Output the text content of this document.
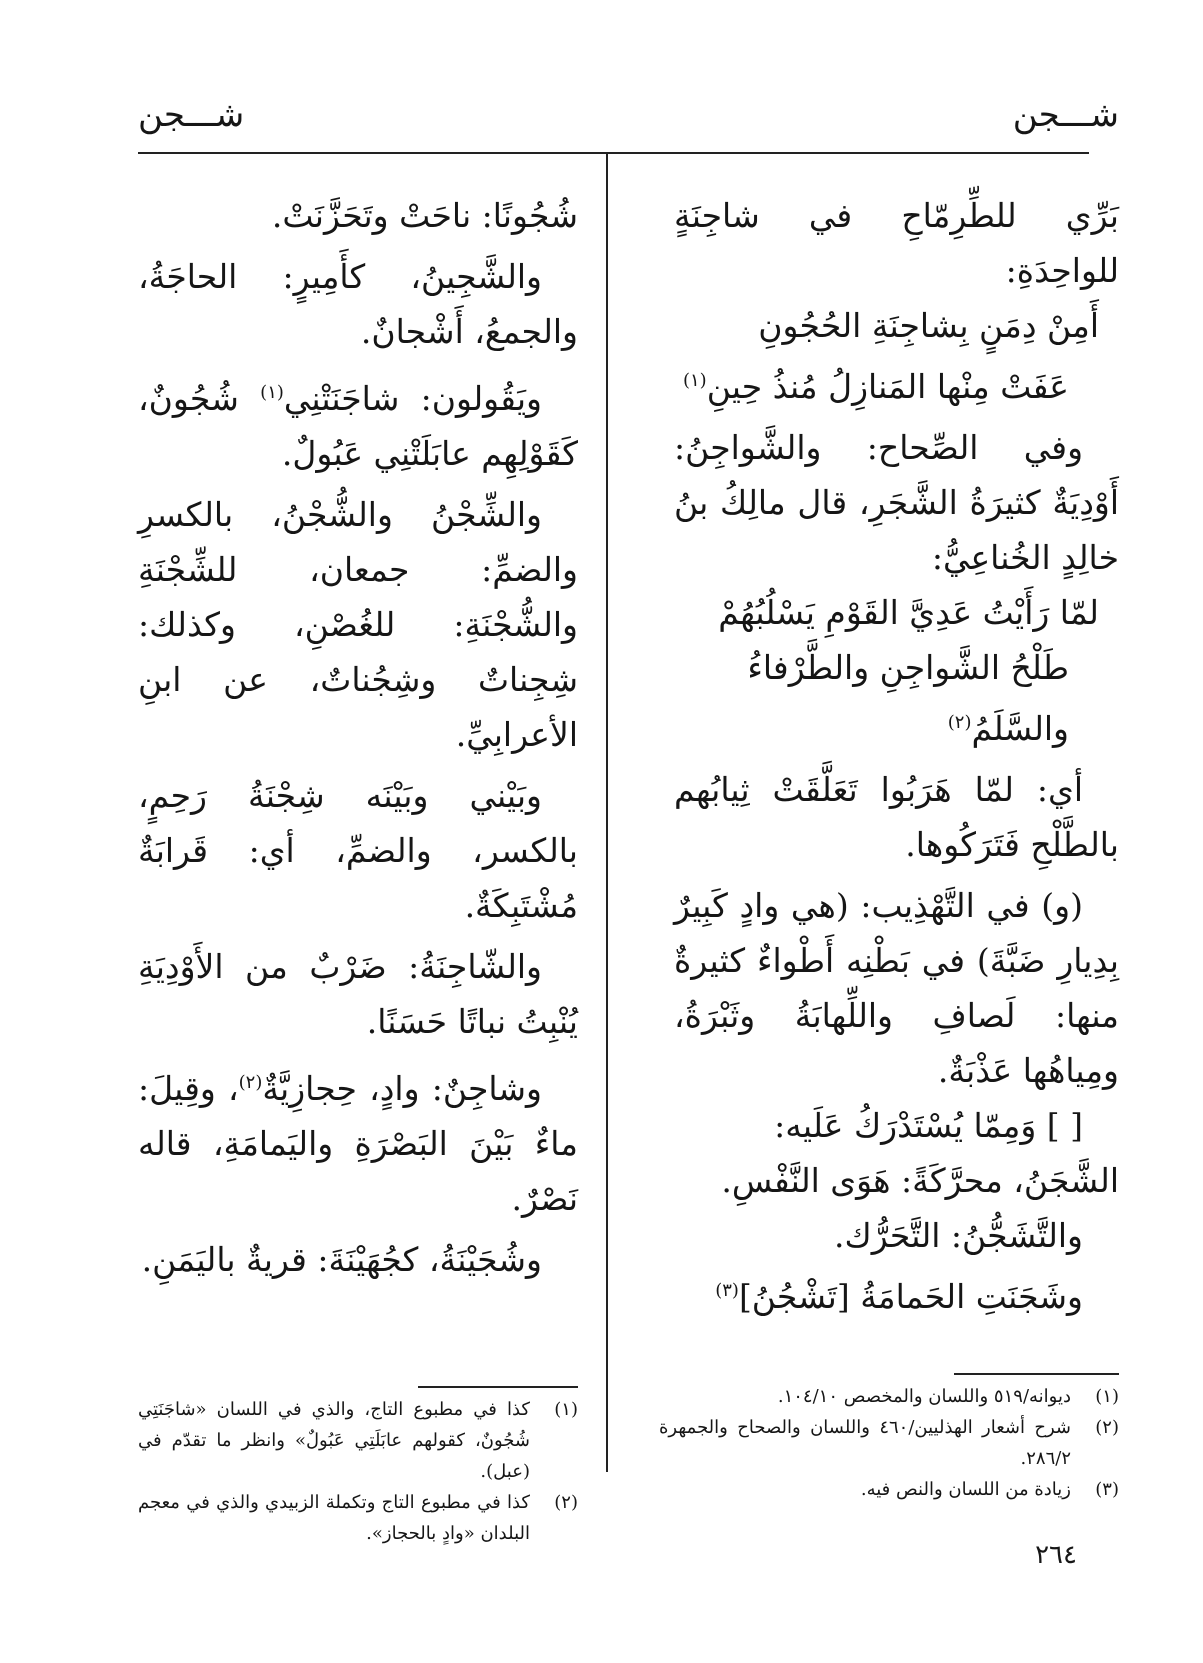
شـــجن
شـــجن

بَرِّي للطِّرِمّاحِ في شاجِنَةٍ للواحِدَةِ:

أَمِنْ دِمَنٍ بِشاجِنَةِ الحُجُونِ

عَفَتْ مِنْها المَنازِلُ مُنذُ حِينِ$^{(١)}$

وفي الصِّحاح: والشَّواجِنُ: أَوْدِيَةٌ كثيرَةُ الشَّجَرِ، قال مالِكُ بنُ خالِدٍ الخُناعِيُّ:

لمّا رَأَيْتُ عَدِيَّ القَوْمِ يَسْلُبُهُمْ

طَلْحُ الشَّواجِنِ والطَّرْفاءُ والسَّلَمُ$^{(٢)}$

أي: لمّا هَرَبُوا تَعَلَّقَتْ ثِيابُهم بالطَّلْحِ فَتَرَكُوها.

(و) في التَّهْذِيب: (هي وادٍ كَبِيرٌ بِدِيارِ ضَبَّةَ) في بَطْنِه أَطْواءٌ كثيرةٌ منها: لَصافِ واللِّهابَةُ وثَبْرَةُ، ومِياهُها عَذْبَةٌ.

[ ] وَمِمّا يُسْتَدْرَكُ عَلَيه:

الشَّجَنُ، محرَّكَةً: هَوَى النَّفْسِ.

والتَّشَجُّنُ: التَّحَرُّك.

وشَجَنَتِ الحَمامَةُ [تَشْجُنُ]$^{(٣)}$

شُجُونًا: ناحَتْ وتَحَزَّنَتْ.

والشَّجِينُ، كأَمِيرٍ: الحاجَةُ، والجمعُ، أَشْجانٌ.

ويَقُولون: شاجَنَتْنِي$^{(١)}$ شُجُونٌ، كَقَوْلِهِم عابَلَتْنِي عَبُولٌ.

والشِّجْنُ والشُّجْنُ، بالكسرِ والضمِّ: جمعان، للشِّجْنَةِ والشُّجْنَةِ: للغُصْنِ، وكذلك: شِجِناتٌ وشِجُناتٌ، عن ابنِ الأعرابِيِّ.

وبَيْني وبَيْنَه شِجْنَةُ رَحِمٍ، بالكسر، والضمِّ، أي: قَرابَةٌ مُشْتَبِكَةٌ.

والشّاجِنَةُ: ضَرْبٌ من الأَوْدِيَةِ يُنْبِتُ نباتًا حَسَنًا.

وشاجِنٌ: وادٍ، حِجازِيَّةٌ$^{(٢)}$، وقِيلَ: ماءٌ بَيْنَ البَصْرَةِ واليَمامَةِ، قاله نَصْرٌ.

وشُجَيْنَةُ، كجُهَيْنَةَ: قريةٌ باليَمَنِ.

(١)
ديوانه/٥١٩ واللسان والمخصص ١٠٤/١٠.
(٢)
شرح أشعار الهذليين/٤٦٠ واللسان والصحاح والجمهرة ٢٨٦/٢.
(٣)
زيادة من اللسان والنص فيه.
(١)
كذا في مطبوع التاج، والذي في اللسان «شاجَنَتِي شُجُونٌ، كقولهم عابَلَتِي عَبُولٌ» وانظر ما تقدّم في (عبل).
(٢)
كذا في مطبوع التاج وتكملة الزبيدي والذي في معجم البلدان «وادٍ بالحجاز».
٢٦٤
